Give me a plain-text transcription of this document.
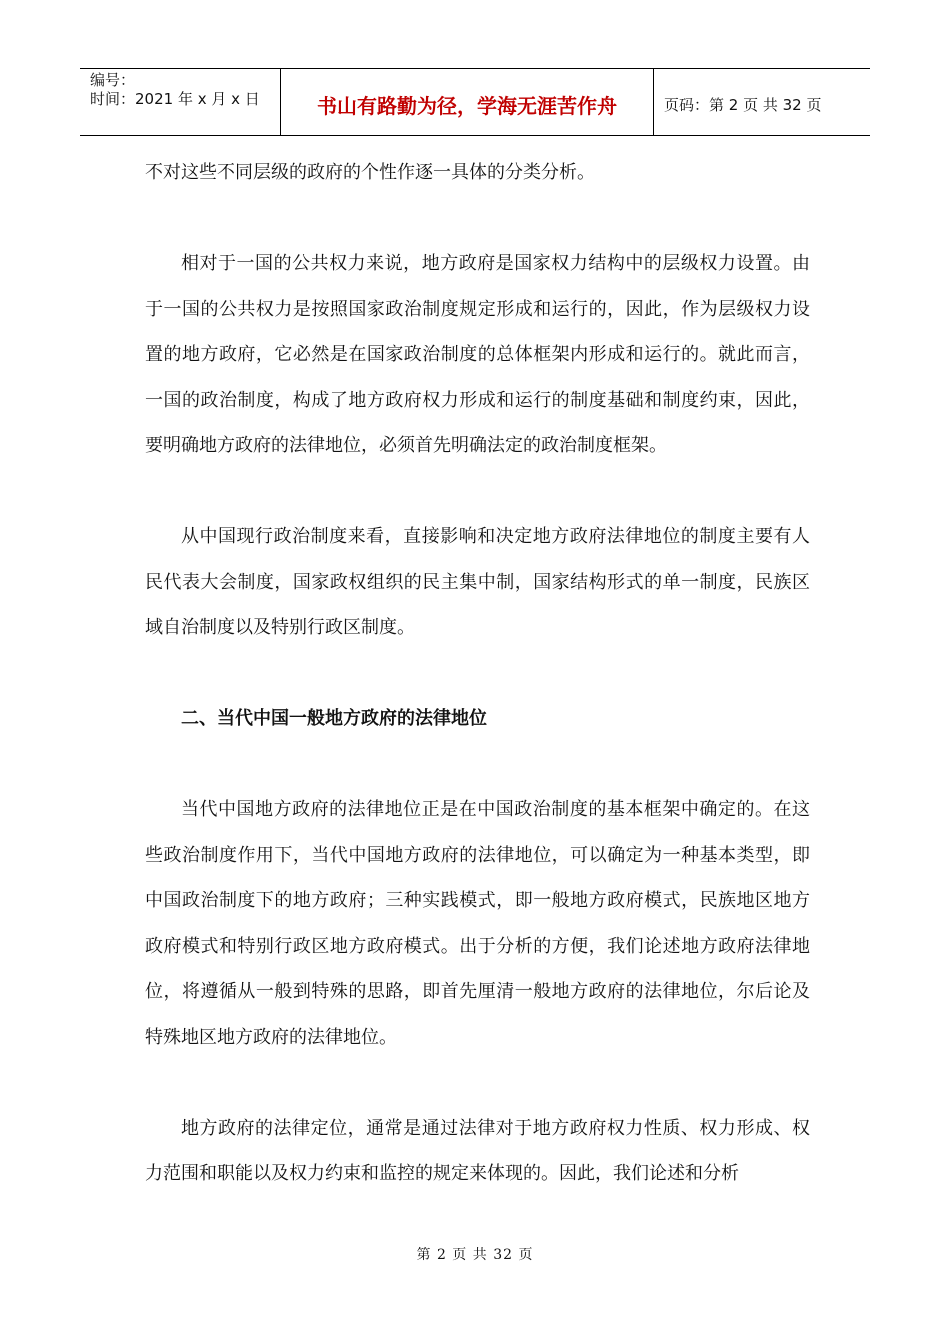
编号：
时间：2021 年 x 月 x 日	书山有路勤为径，学海无涯苦作舟	页码：第 2 页 共 32 页

不对这些不同层级的政府的个性作逐一具体的分类分析。

相对于一国的公共权力来说，地方政府是国家权力结构中的层级权力设置。由于一国的公共权力是按照国家政治制度规定形成和运行的，因此，作为层级权力设置的地方政府，它必然是在国家政治制度的总体框架内形成和运行的。就此而言，一国的政治制度，构成了地方政府权力形成和运行的制度基础和制度约束，因此，要明确地方政府的法律地位，必须首先明确法定的政治制度框架。

从中国现行政治制度来看，直接影响和决定地方政府法律地位的制度主要有人民代表大会制度，国家政权组织的民主集中制，国家结构形式的单一制度，民族区域自治制度以及特别行政区制度。

二、当代中国一般地方政府的法律地位

当代中国地方政府的法律地位正是在中国政治制度的基本框架中确定的。在这些政治制度作用下，当代中国地方政府的法律地位，可以确定为一种基本类型，即中国政治制度下的地方政府；三种实践模式，即一般地方政府模式，民族地区地方政府模式和特别行政区地方政府模式。出于分析的方便，我们论述地方政府法律地位，将遵循从一般到特殊的思路，即首先厘清一般地方政府的法律地位，尔后论及特殊地区地方政府的法律地位。

地方政府的法律定位，通常是通过法律对于地方政府权力性质、权力形成、权力范围和职能以及权力约束和监控的规定来体现的。因此，我们论述和分析

第 2 页 共 32 页
